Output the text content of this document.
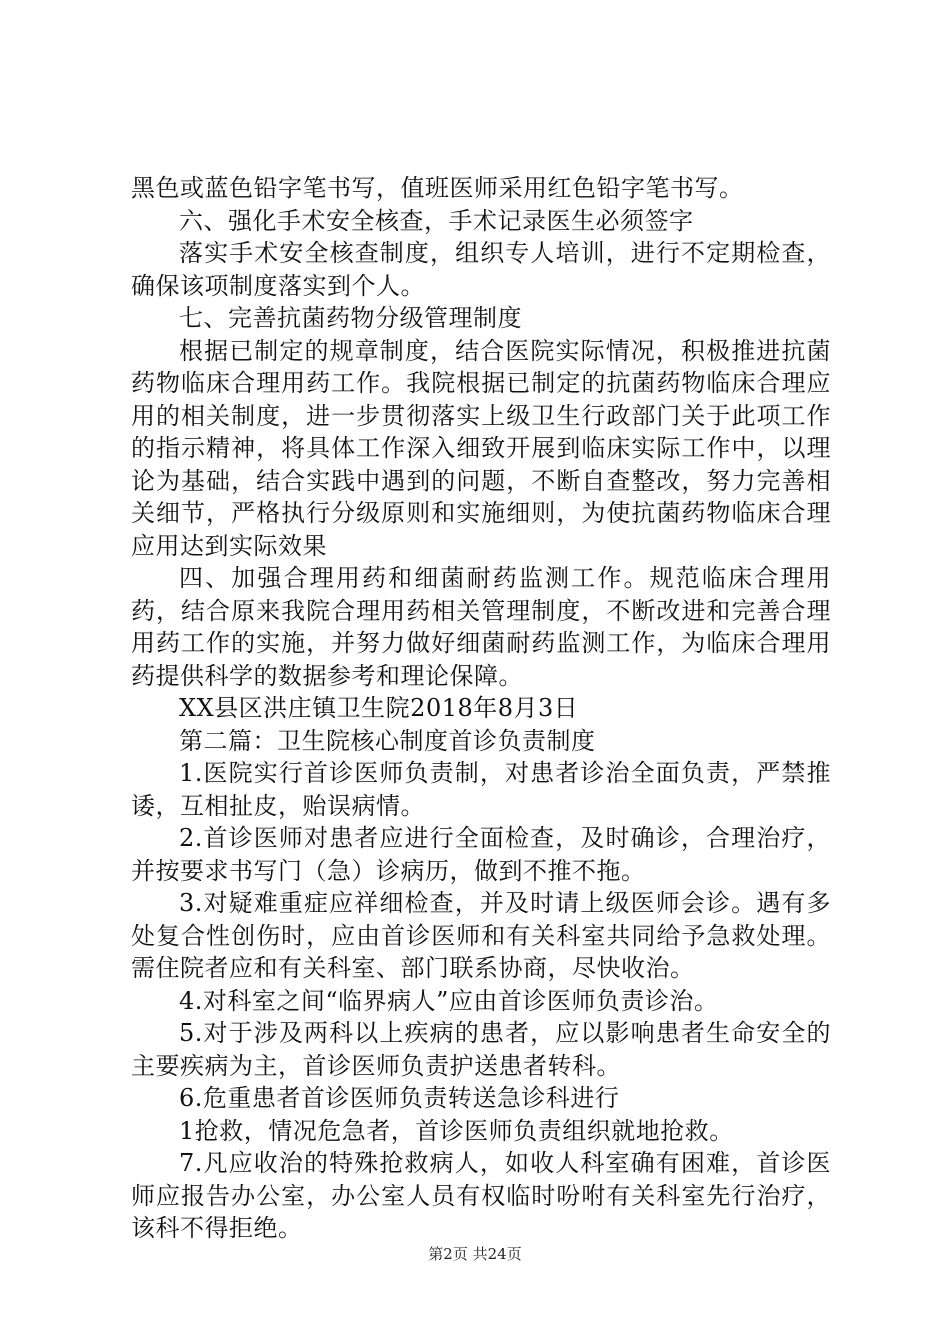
黑色或蓝色铅字笔书写，值班医师采用红色铅字笔书写。

六、强化手术安全核查，手术记录医生必须签字

落实手术安全核查制度，组织专人培训，进行不定期检查，确保该项制度落实到个人。

七、完善抗菌药物分级管理制度

根据已制定的规章制度，结合医院实际情况，积极推进抗菌药物临床合理用药工作。我院根据已制定的抗菌药物临床合理应用的相关制度，进一步贯彻落实上级卫生行政部门关于此项工作的指示精神，将具体工作深入细致开展到临床实际工作中，以理论为基础，结合实践中遇到的问题，不断自查整改，努力完善相关细节，严格执行分级原则和实施细则，为使抗菌药物临床合理应用达到实际效果

四、加强合理用药和细菌耐药监测工作。规范临床合理用药，结合原来我院合理用药相关管理制度，不断改进和完善合理用药工作的实施，并努力做好细菌耐药监测工作，为临床合理用药提供科学的数据参考和理论保障。

XX县区洪庄镇卫生院2018年8月3日

第二篇：卫生院核心制度首诊负责制度

1.医院实行首诊医师负责制，对患者诊治全面负责，严禁推诿，互相扯皮，贻误病情。

2.首诊医师对患者应进行全面检查，及时确诊，合理治疗，并按要求书写门（急）诊病历，做到不推不拖。

3.对疑难重症应祥细检查，并及时请上级医师会诊。遇有多处复合性创伤时，应由首诊医师和有关科室共同给予急救处理。需住院者应和有关科室、部门联系协商，尽快收治。

4.对科室之间“临界病人”应由首诊医师负责诊治。

5.对于涉及两科以上疾病的患者，应以影响患者生命安全的主要疾病为主，首诊医师负责护送患者转科。

6.危重患者首诊医师负责转送急诊科进行

1抢救，情况危急者，首诊医师负责组织就地抢救。

7.凡应收治的特殊抢救病人，如收人科室确有困难，首诊医师应报告办公室，办公室人员有权临时吩咐有关科室先行治疗，该科不得拒绝。

第2页 共24页
